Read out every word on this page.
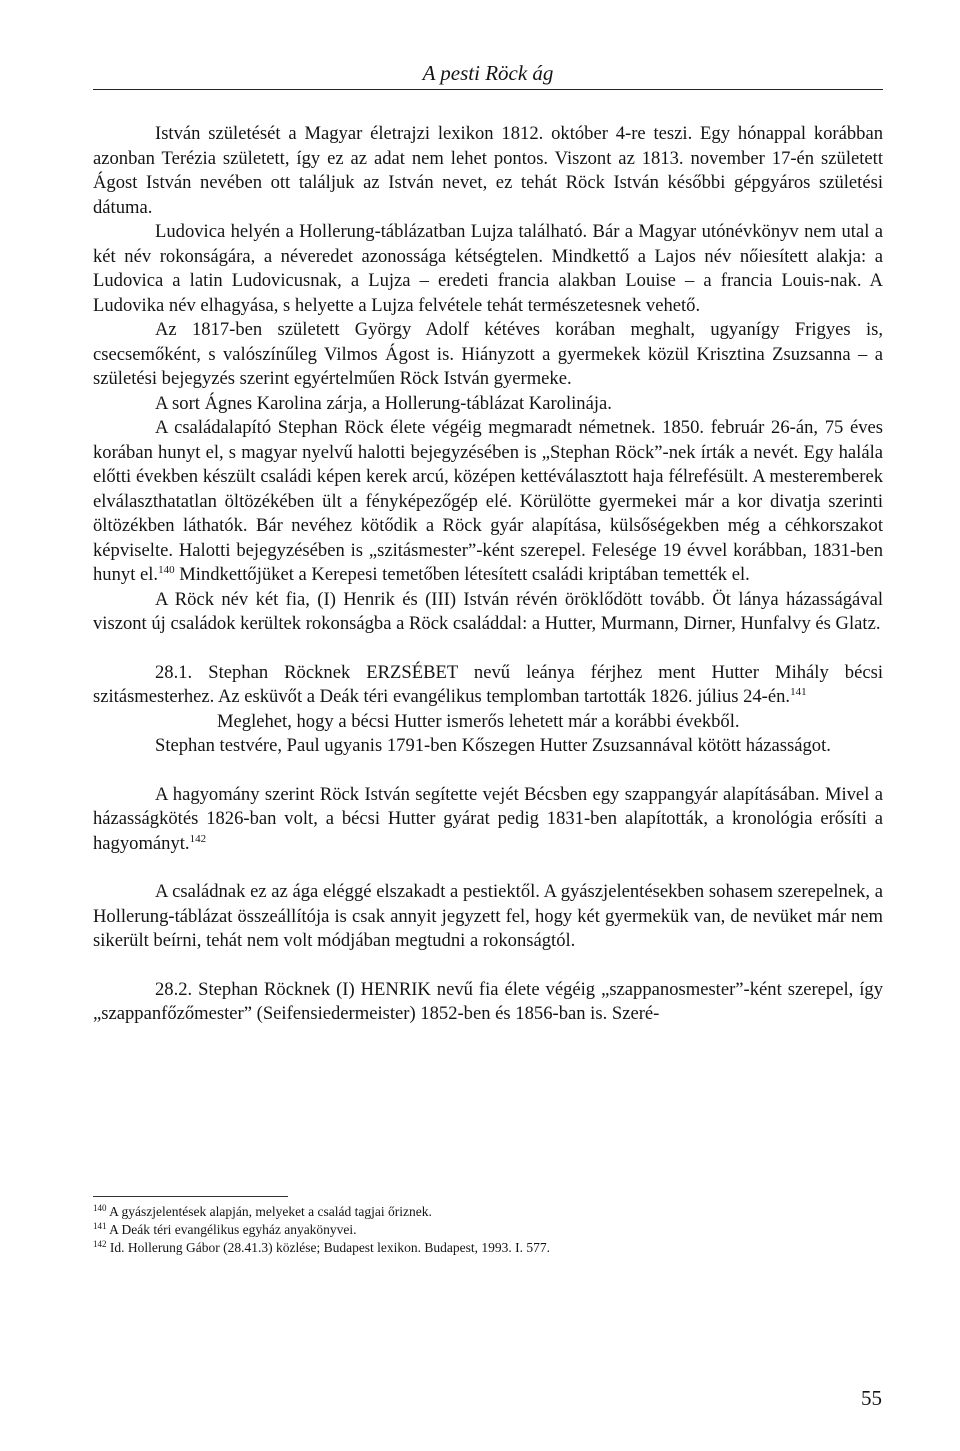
A pesti Röck ág

István születését a Magyar életrajzi lexikon 1812. október 4-re teszi. Egy hónappal korábban azonban Terézia született, így ez az adat nem lehet pontos. Viszont az 1813. november 17-én született Ágost István nevében ott találjuk az István nevet, ez tehát Röck István későbbi gépgyáros születési dátuma.

Ludovica helyén a Hollerung-táblázatban Lujza található. Bár a Magyar utónévkönyv nem utal a két név rokonságára, a néveredet azonossága kétségtelen. Mindkettő a Lajos név nőiesített alakja: a Ludovica a latin Ludovicusnak, a Lujza – eredeti francia alakban Louise – a francia Louis-nak. A Ludovika név elhagyása, s helyette a Lujza felvétele tehát természetesnek vehető.

Az 1817-ben született György Adolf kétéves korában meghalt, ugyanígy Frigyes is, csecsemőként, s valószínűleg Vilmos Ágost is. Hiányzott a gyermekek közül Krisztina Zsuzsanna – a születési bejegyzés szerint egyértelműen Röck István gyermeke.

A sort Ágnes Karolina zárja, a Hollerung-táblázat Karolinája.

A családalapító Stephan Röck élete végéig megmaradt németnek. 1850. február 26-án, 75 éves korában hunyt el, s magyar nyelvű halotti bejegyzésében is „Stephan Röck”-nek írták a nevét. Egy halála előtti években készült családi képen kerek arcú, középen kettéválasztott haja félrefésült. A mesteremberek elválaszthatatlan öltözékében ült a fényképezőgép elé. Körülötte gyermekei már a kor divatja szerinti öltözékben láthatók. Bár nevéhez kötődik a Röck gyár alapítása, külsőségekben még a céhkorszakot képviselte. Halotti bejegyzésében is „szitásmester”-ként szerepel. Felesége 19 évvel korábban, 1831-ben hunyt el.$^{140}$ Mindkettőjüket a Kerepesi temetőben létesített családi kriptában temették el.

A Röck név két fia, (I) Henrik és (III) István révén öröklődött tovább. Öt lánya házasságával viszont új családok kerültek rokonságba a Röck családdal: a Hutter, Murmann, Dirner, Hunfalvy és Glatz.

28.1. Stephan Röcknek ERZSÉBET nevű leánya férjhez ment Hutter Mihály bécsi szitásmesterhez. Az esküvőt a Deák téri evangélikus templomban tartották 1826. július 24-én.$^{141}$

Meglehet, hogy a bécsi Hutter ismerős lehetett már a korábbi évekből.

Stephan testvére, Paul ugyanis 1791-ben Kőszegen Hutter Zsuzsannával kötött házasságot.

A hagyomány szerint Röck István segítette vejét Bécsben egy szappangyár alapításában. Mivel a házasságkötés 1826-ban volt, a bécsi Hutter gyárat pedig 1831-ben alapították, a kronológia erősíti a hagyományt.$^{142}$

A családnak ez az ága eléggé elszakadt a pestiektől. A gyászjelentésekben sohasem szerepelnek, a Hollerung-táblázat összeállítója is csak annyit jegyzett fel, hogy két gyermekük van, de nevüket már nem sikerült beírni, tehát nem volt módjában megtudni a rokonságtól.

28.2. Stephan Röcknek (I) HENRIK nevű fia élete végéig „szappanosmester”-ként szerepel, így „szappanfőzőmester” (Seifensiedermeister) 1852-ben és 1856-ban is. Szeré-

$^{140}$ A gyászjelentések alapján, melyeket a család tagjai őriznek.
$^{141}$ A Deák téri evangélikus egyház anyakönyvei.
$^{142}$ Id. Hollerung Gábor (28.41.3) közlése; Budapest lexikon. Budapest, 1993. I. 577.
55
